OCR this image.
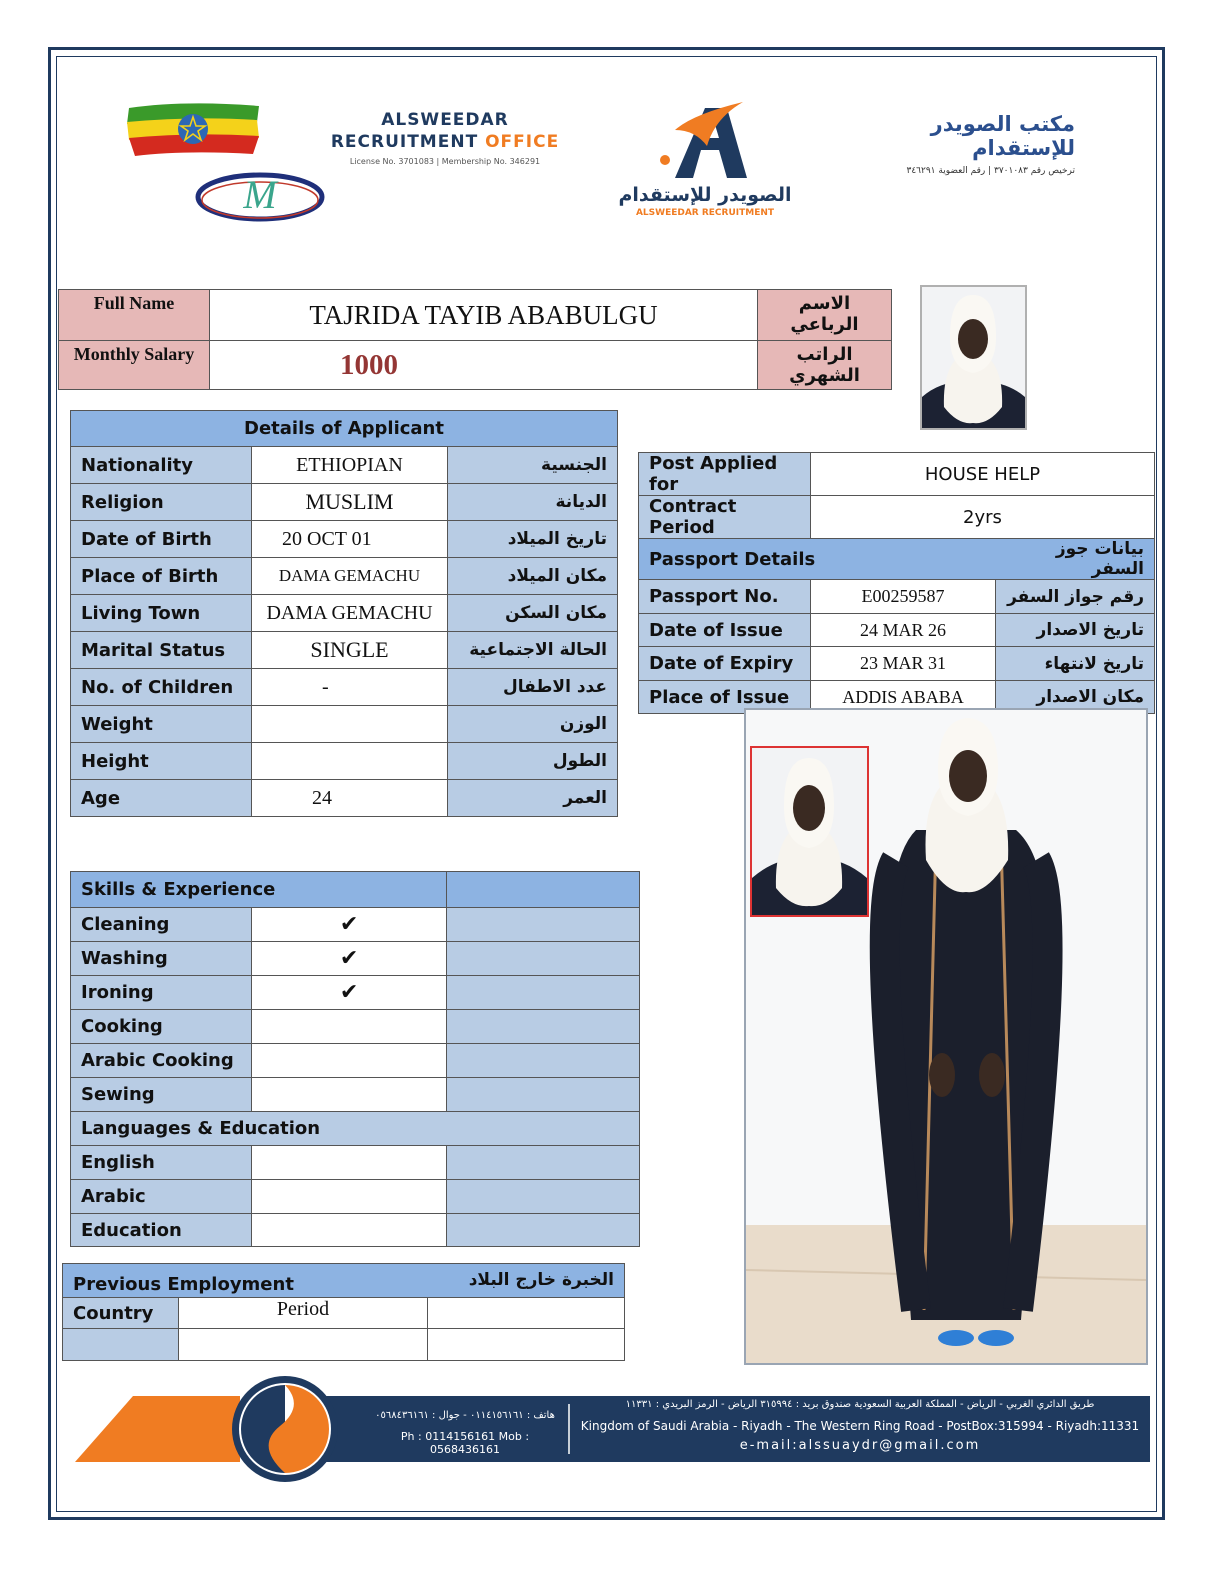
M
ALSWEEDAR
RECRUITMENT OFFICE
License No. 3701083 | Membership No. 346291
الصويدر للإستقدام
ALSWEEDAR RECRUITMENT
مكتب الصويدر للإستقدام
ترخيص رقم ٣٧٠١٠٨٣ | رقم العضوية ٣٤٦٢٩١
Full Name	TAJRIDA TAYIB ABABULGU	الاسم الرباعي
Monthly Salary	1000	الراتب الشهري
Details of Applicant		
Nationality	ETHIOPIAN	الجنسية
Religion	MUSLIM	الديانة
Date of Birth	20 OCT 01	تاريخ الميلاد
Place of Birth	DAMA GEMACHU	مكان الميلاد
Living Town	DAMA GEMACHU	مكان السكن
Marital Status	SINGLE	الحالة الاجتماعية
No. of Children	-	عدد الاطفال
Weight		الوزن
Height		الطول
Age	24	العمر
Post Applied for	HOUSE HELP	
Contract Period	2yrs	
Passport Details		بيانات جوز السفر
Passport No.	E00259587	رقم جواز السفر
Date of Issue	24 MAR 26	تاريخ الاصدار
Date of Expiry	23 MAR 31	تاريخ لانتهاء
Place of Issue	ADDIS ABABA	مكان الاصدار
Skills & Experience		
Cleaning	✔	
Washing	✔	
Ironing	✔	
Cooking		
Arabic Cooking		
Sewing		
Languages & Education		
English		
Arabic		
Education		
Previous Employment		الخبرة خارج البلاد
Country	Period	

هاتف : ٠١١٤١٥٦١٦١ - جوال : ٠٥٦٨٤٣٦١٦١
Ph : 0114156161 Mob : 0568436161
طريق الدائري الغربي - الرياض - المملكة العربية السعودية صندوق بريد : ٣١٥٩٩٤ الرياض - الرمز البريدي : ١١٣٣١
Kingdom of Saudi Arabia - Riyadh - The Western Ring Road - PostBox:315994 - Riyadh:11331
e-mail:alssuaydr@gmail.com
